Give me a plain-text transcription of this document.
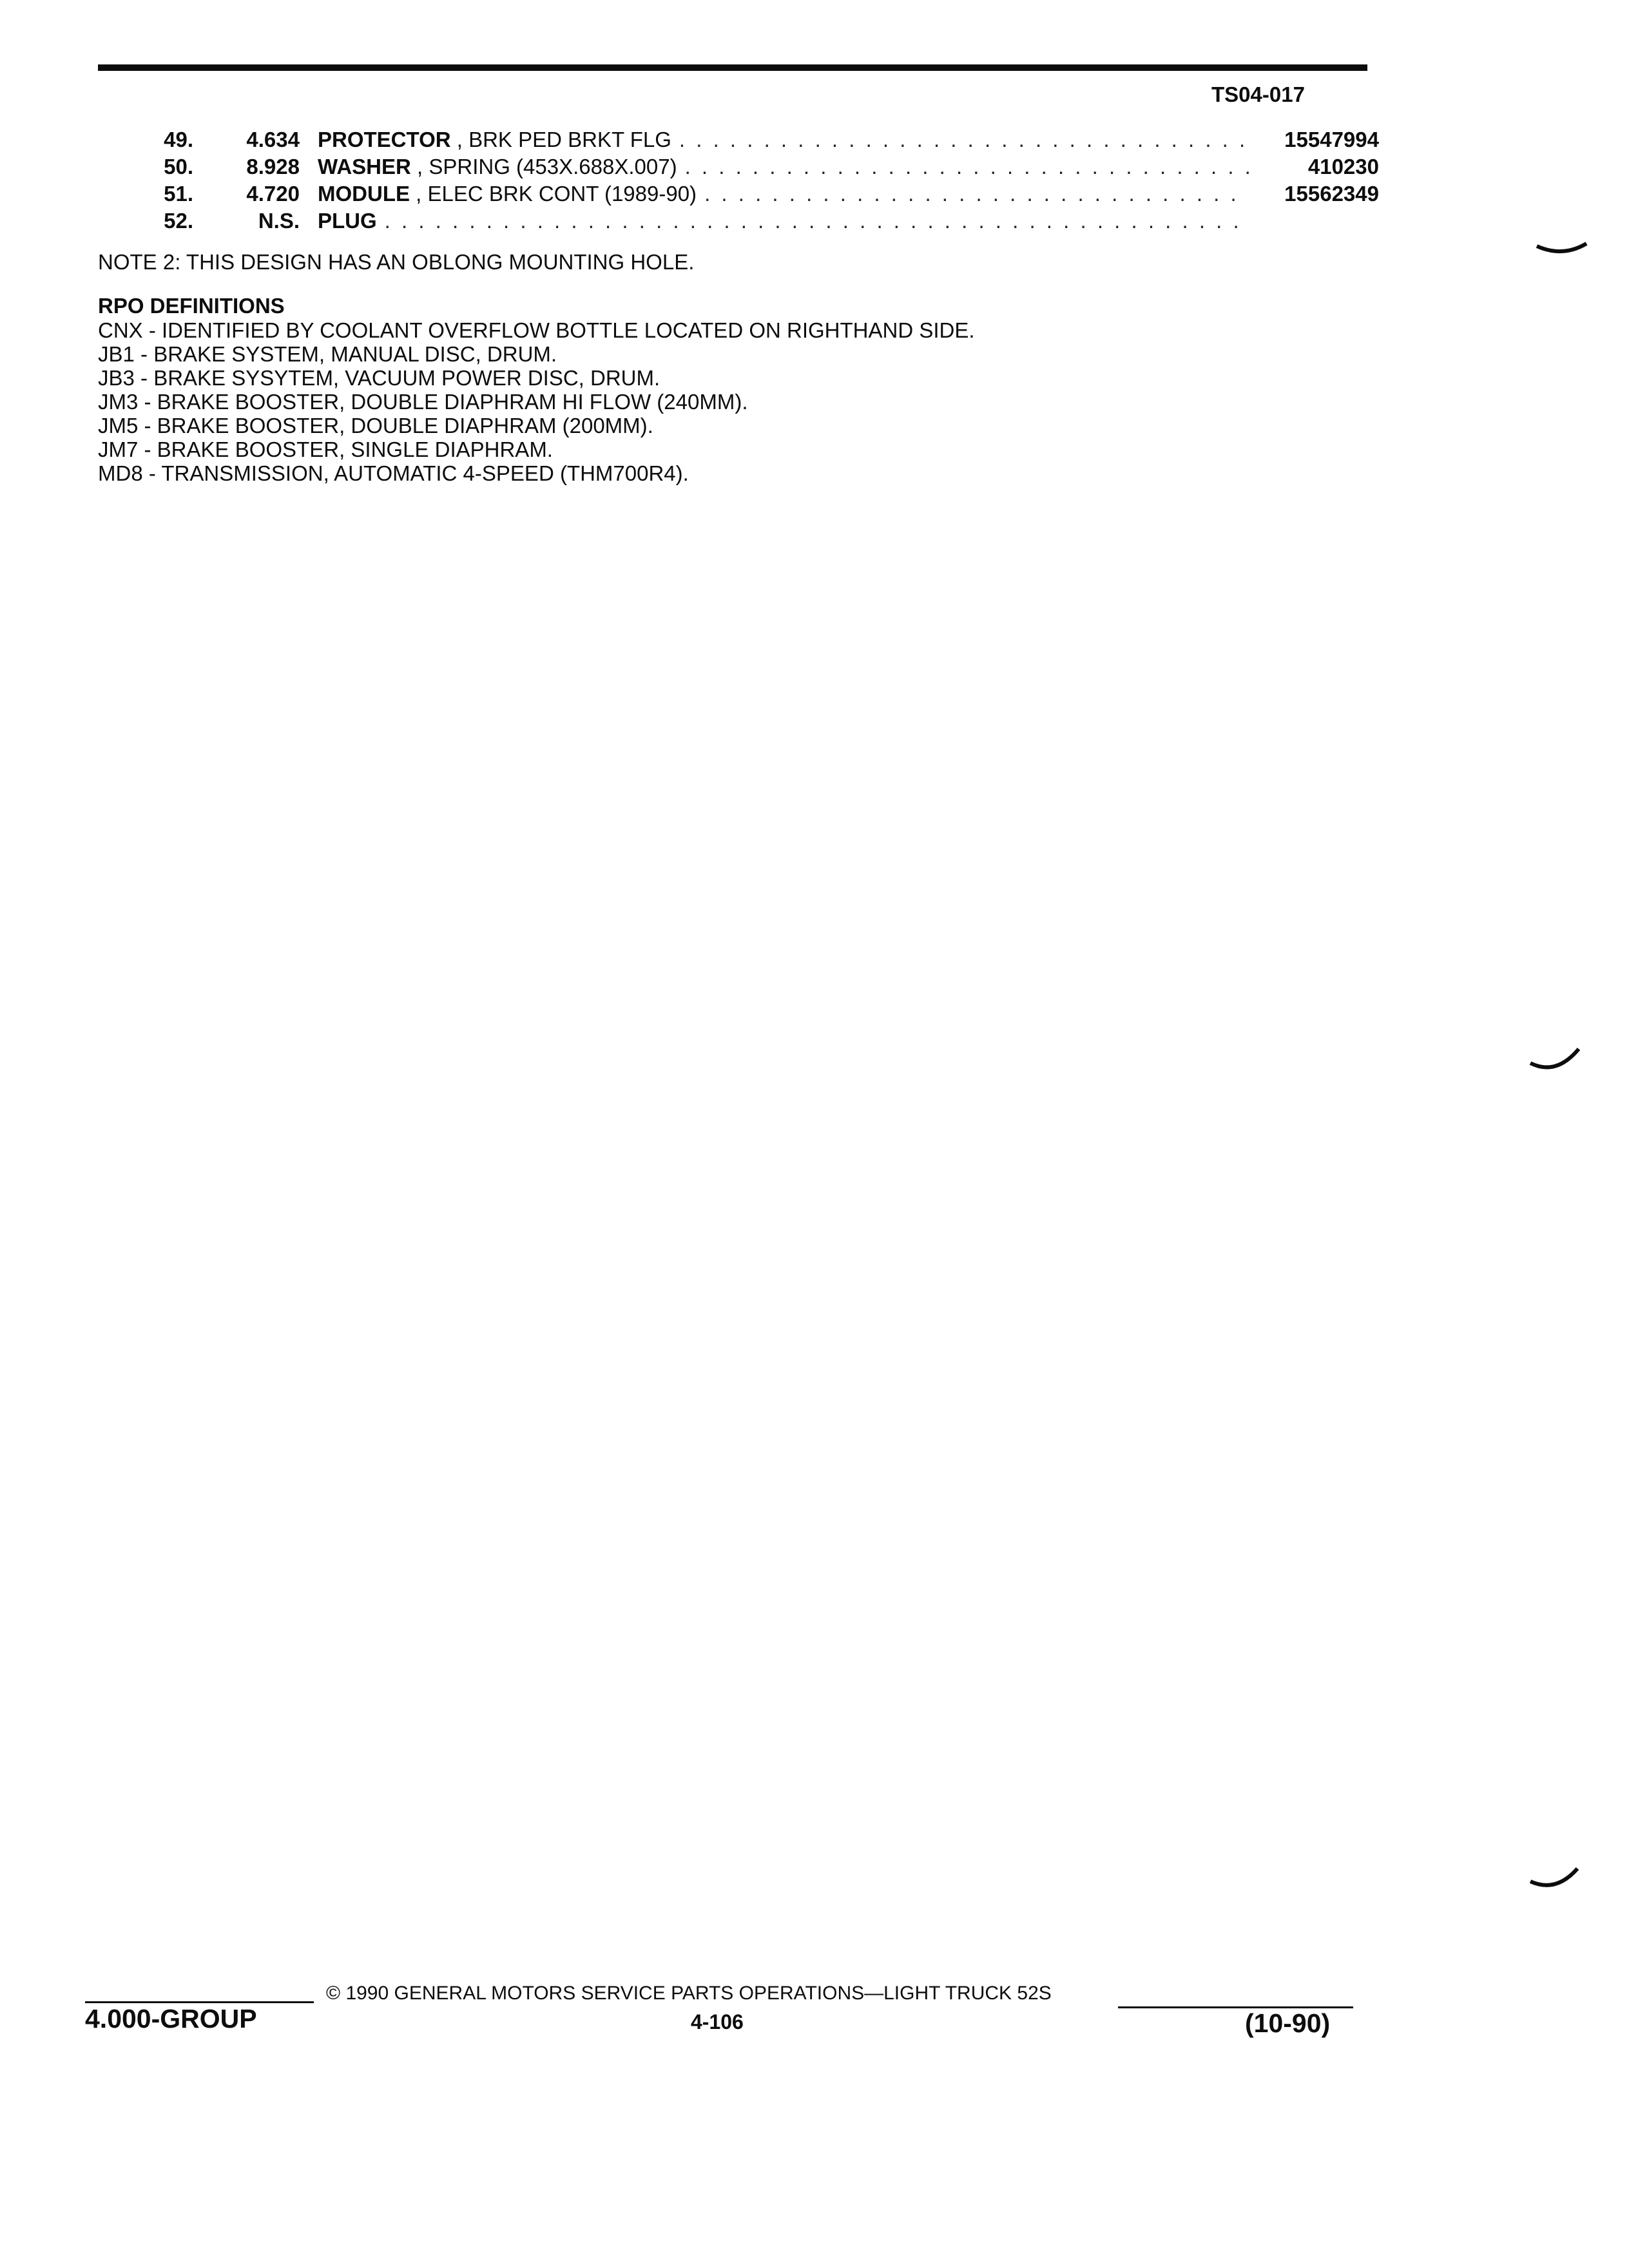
TS04-017
49.	4.634 PROTECTOR , BRK PED BRKT FLG . . .	15547994
50.	8.928 WASHER , SPRING (453X.688X.007) . . .	410230
51.	4.720 MODULE , ELEC BRK CONT (1989-90) . . .	15562349
52.	N.S. PLUG
. . .
NOTE 2: THIS DESIGN HAS AN OBLONG MOUNTING HOLE.
RPO DEFINITIONS
CNX - IDENTIFIED BY COOLANT OVERFLOW BOTTLE LOCATED ON RIGHTHAND SIDE.
JB1 - BRAKE SYSTEM, MANUAL DISC, DRUM.
JB3 - BRAKE SYSYTEM, VACUUM POWER DISC, DRUM.
JM3 - BRAKE BOOSTER, DOUBLE DIAPHRAM HI FLOW (240MM).
JM5 - BRAKE BOOSTER, DOUBLE DIAPHRAM (200MM).
JM7 - BRAKE BOOSTER, SINGLE DIAPHRAM.
MD8 - TRANSMISSION, AUTOMATIC 4-SPEED (THM700R4).
© 1990 GENERAL MOTORS SERVICE PARTS OPERATIONS—LIGHT TRUCK 52S
4.000-GROUP	4-106	(10-90)
